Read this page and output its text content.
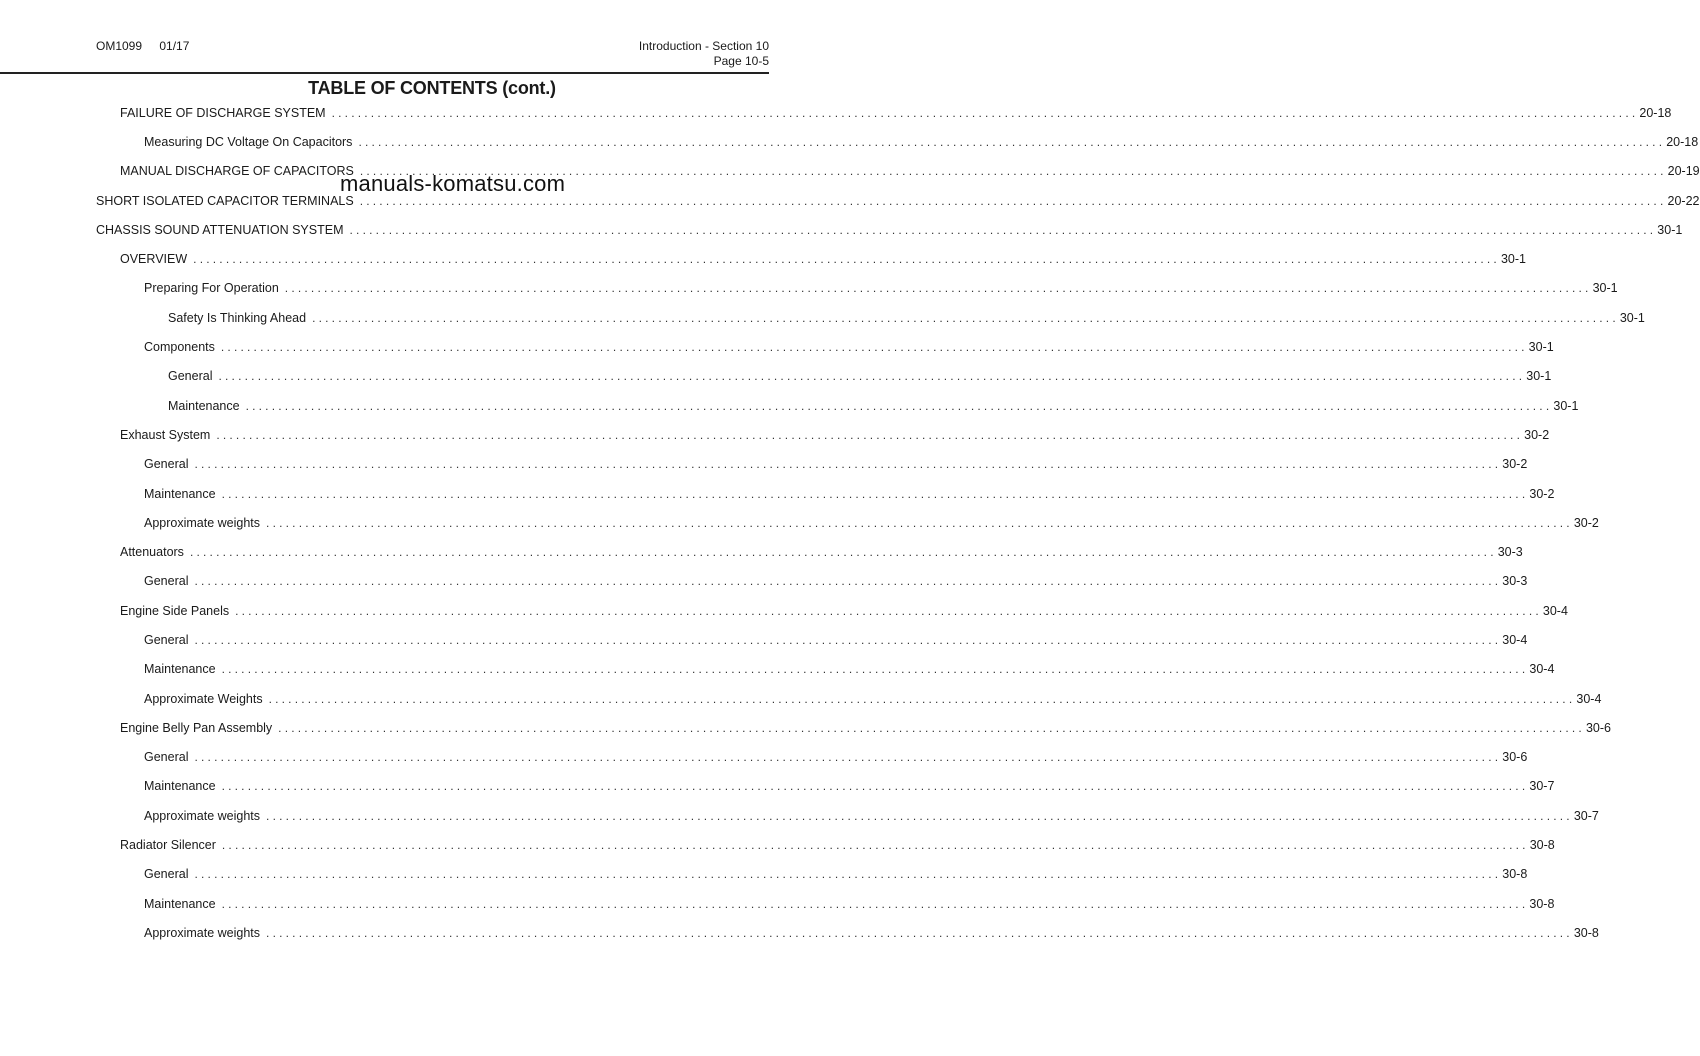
OM1099 01/17	Introduction - Section 10
Page 10-5
TABLE OF CONTENTS (cont.)
FAILURE OF DISCHARGE SYSTEM ........................................................................................................................................................................................................ 20-18
Measuring DC Voltage On Capacitors ........................................................................................................................................................................................................ 20-18
MANUAL DISCHARGE OF CAPACITORS ........................................................................................................................................................................................................ 20-19
SHORT ISOLATED CAPACITOR TERMINALS ........................................................................................................................................................................................................ 20-22
CHASSIS SOUND ATTENUATION SYSTEM ........................................................................................................................................................................................................ 30-1
OVERVIEW ........................................................................................................................................................................................................ 30-1
Preparing For Operation ........................................................................................................................................................................................................ 30-1
Safety Is Thinking Ahead ........................................................................................................................................................................................................ 30-1
Components ........................................................................................................................................................................................................ 30-1
General ........................................................................................................................................................................................................ 30-1
Maintenance ........................................................................................................................................................................................................ 30-1
Exhaust System ........................................................................................................................................................................................................ 30-2
General ........................................................................................................................................................................................................ 30-2
Maintenance ........................................................................................................................................................................................................ 30-2
Approximate weights ........................................................................................................................................................................................................ 30-2
Attenuators ........................................................................................................................................................................................................ 30-3
General ........................................................................................................................................................................................................ 30-3
Engine Side Panels ........................................................................................................................................................................................................ 30-4
General ........................................................................................................................................................................................................ 30-4
Maintenance ........................................................................................................................................................................................................ 30-4
Approximate Weights ........................................................................................................................................................................................................ 30-4
Engine Belly Pan Assembly ........................................................................................................................................................................................................ 30-6
General ........................................................................................................................................................................................................ 30-6
Maintenance ........................................................................................................................................................................................................ 30-7
Approximate weights ........................................................................................................................................................................................................ 30-7
Radiator Silencer ........................................................................................................................................................................................................ 30-8
General ........................................................................................................................................................................................................ 30-8
Maintenance ........................................................................................................................................................................................................ 30-8
Approximate weights ........................................................................................................................................................................................................ 30-8
manuals-komatsu.com
